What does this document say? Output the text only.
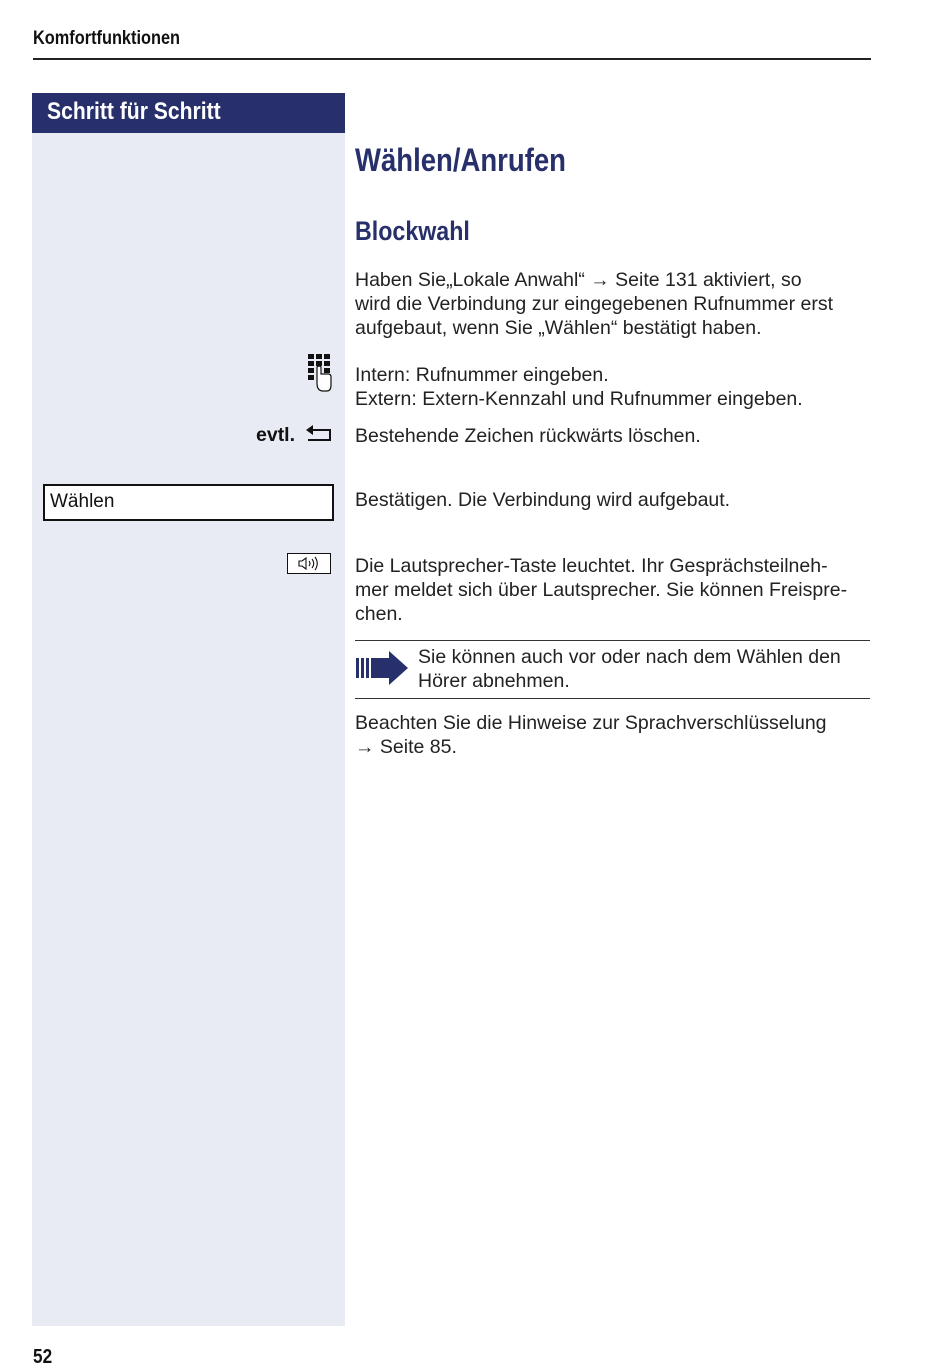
Komfortfunktionen
Schritt für Schritt
Wählen/Anrufen
Blockwahl
Haben Sie„Lokale Anwahl“ → Seite 131 aktiviert, so
wird die Verbindung zur eingegebenen Rufnummer erst
aufgebaut, wenn Sie „Wählen“ bestätigt haben.
Intern: Rufnummer eingeben.
Extern: Extern-Kennzahl und Rufnummer eingeben.
evtl.	Bestehende Zeichen rückwärts löschen.
Wählen	Bestätigen. Die Verbindung wird aufgebaut.
Die Lautsprecher-Taste leuchtet. Ihr Gesprächsteilneh-
mer meldet sich über Lautsprecher. Sie können Freispre-
chen.
Sie können auch vor oder nach dem Wählen den
Hörer abnehmen.
Beachten Sie die Hinweise zur Sprachverschlüsselung
→ Seite 85.
52
